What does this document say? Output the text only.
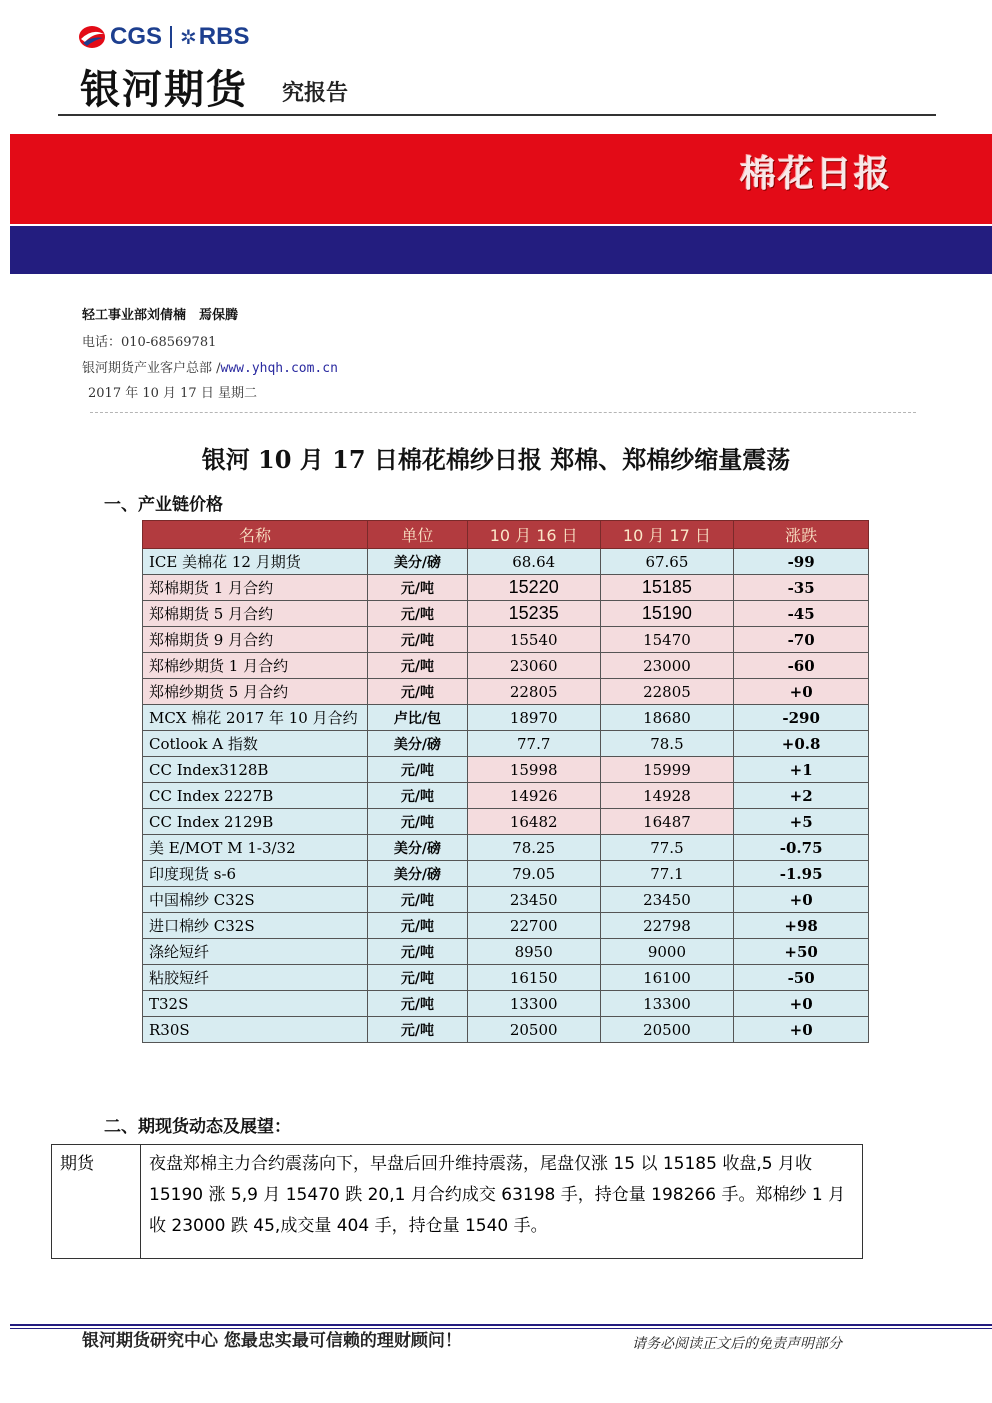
CGS ✲ RBS
银河期货 究报告
棉花日报
轻工事业部刘倩楠　焉保腾
电话：010-68569781
银河期货产业客户总部 /www.yhqh.com.cn
2017 年 10 月 17 日 星期二
银河 10 月 17 日棉花棉纱日报 郑棉、郑棉纱缩量震荡
一、产业链价格
名称	单位	10 月 16 日	10 月 17 日	涨跌
ICE 美棉花 12 月期货	美分/磅	68.64	67.65	-99
郑棉期货 1 月合约	元/吨	15220	15185	-35
郑棉期货 5 月合约	元/吨	15235	15190	-45
郑棉期货 9 月合约	元/吨	15540	15470	-70
郑棉纱期货 1 月合约	元/吨	23060	23000	-60
郑棉纱期货 5 月合约	元/吨	22805	22805	+0
MCX 棉花 2017 年 10 月合约	卢比/包	18970	18680	-290
Cotlook A 指数	美分/磅	77.7	78.5	+0.8
CC Index3128B	元/吨	15998	15999	+1
CC Index 2227B	元/吨	14926	14928	+2
CC Index 2129B	元/吨	16482	16487	+5
美 E/MOT M 1-3/32	美分/磅	78.25	77.5	-0.75
印度现货 s-6	美分/磅	79.05	77.1	-1.95
中国棉纱 C32S	元/吨	23450	23450	+0
进口棉纱 C32S	元/吨	22700	22798	+98
涤纶短纤	元/吨	8950	9000	+50
粘胶短纤	元/吨	16150	16100	-50
T32S	元/吨	13300	13300	+0
R30S	元/吨	20500	20500	+0
二、期现货动态及展望：
期货	夜盘郑棉主力合约震荡向下，早盘后回升维持震荡，尾盘仅涨 15 以 15185 收盘,5 月收 15190 涨 5,9 月 15470 跌 20,1 月合约成交 63198 手，持仓量 198266 手。郑棉纱 1 月收 23000 跌 45,成交量 404 手，持仓量 1540 手。
银河期货研究中心 您最忠实最可信赖的理财顾问！	请务必阅读正文后的免责声明部分
